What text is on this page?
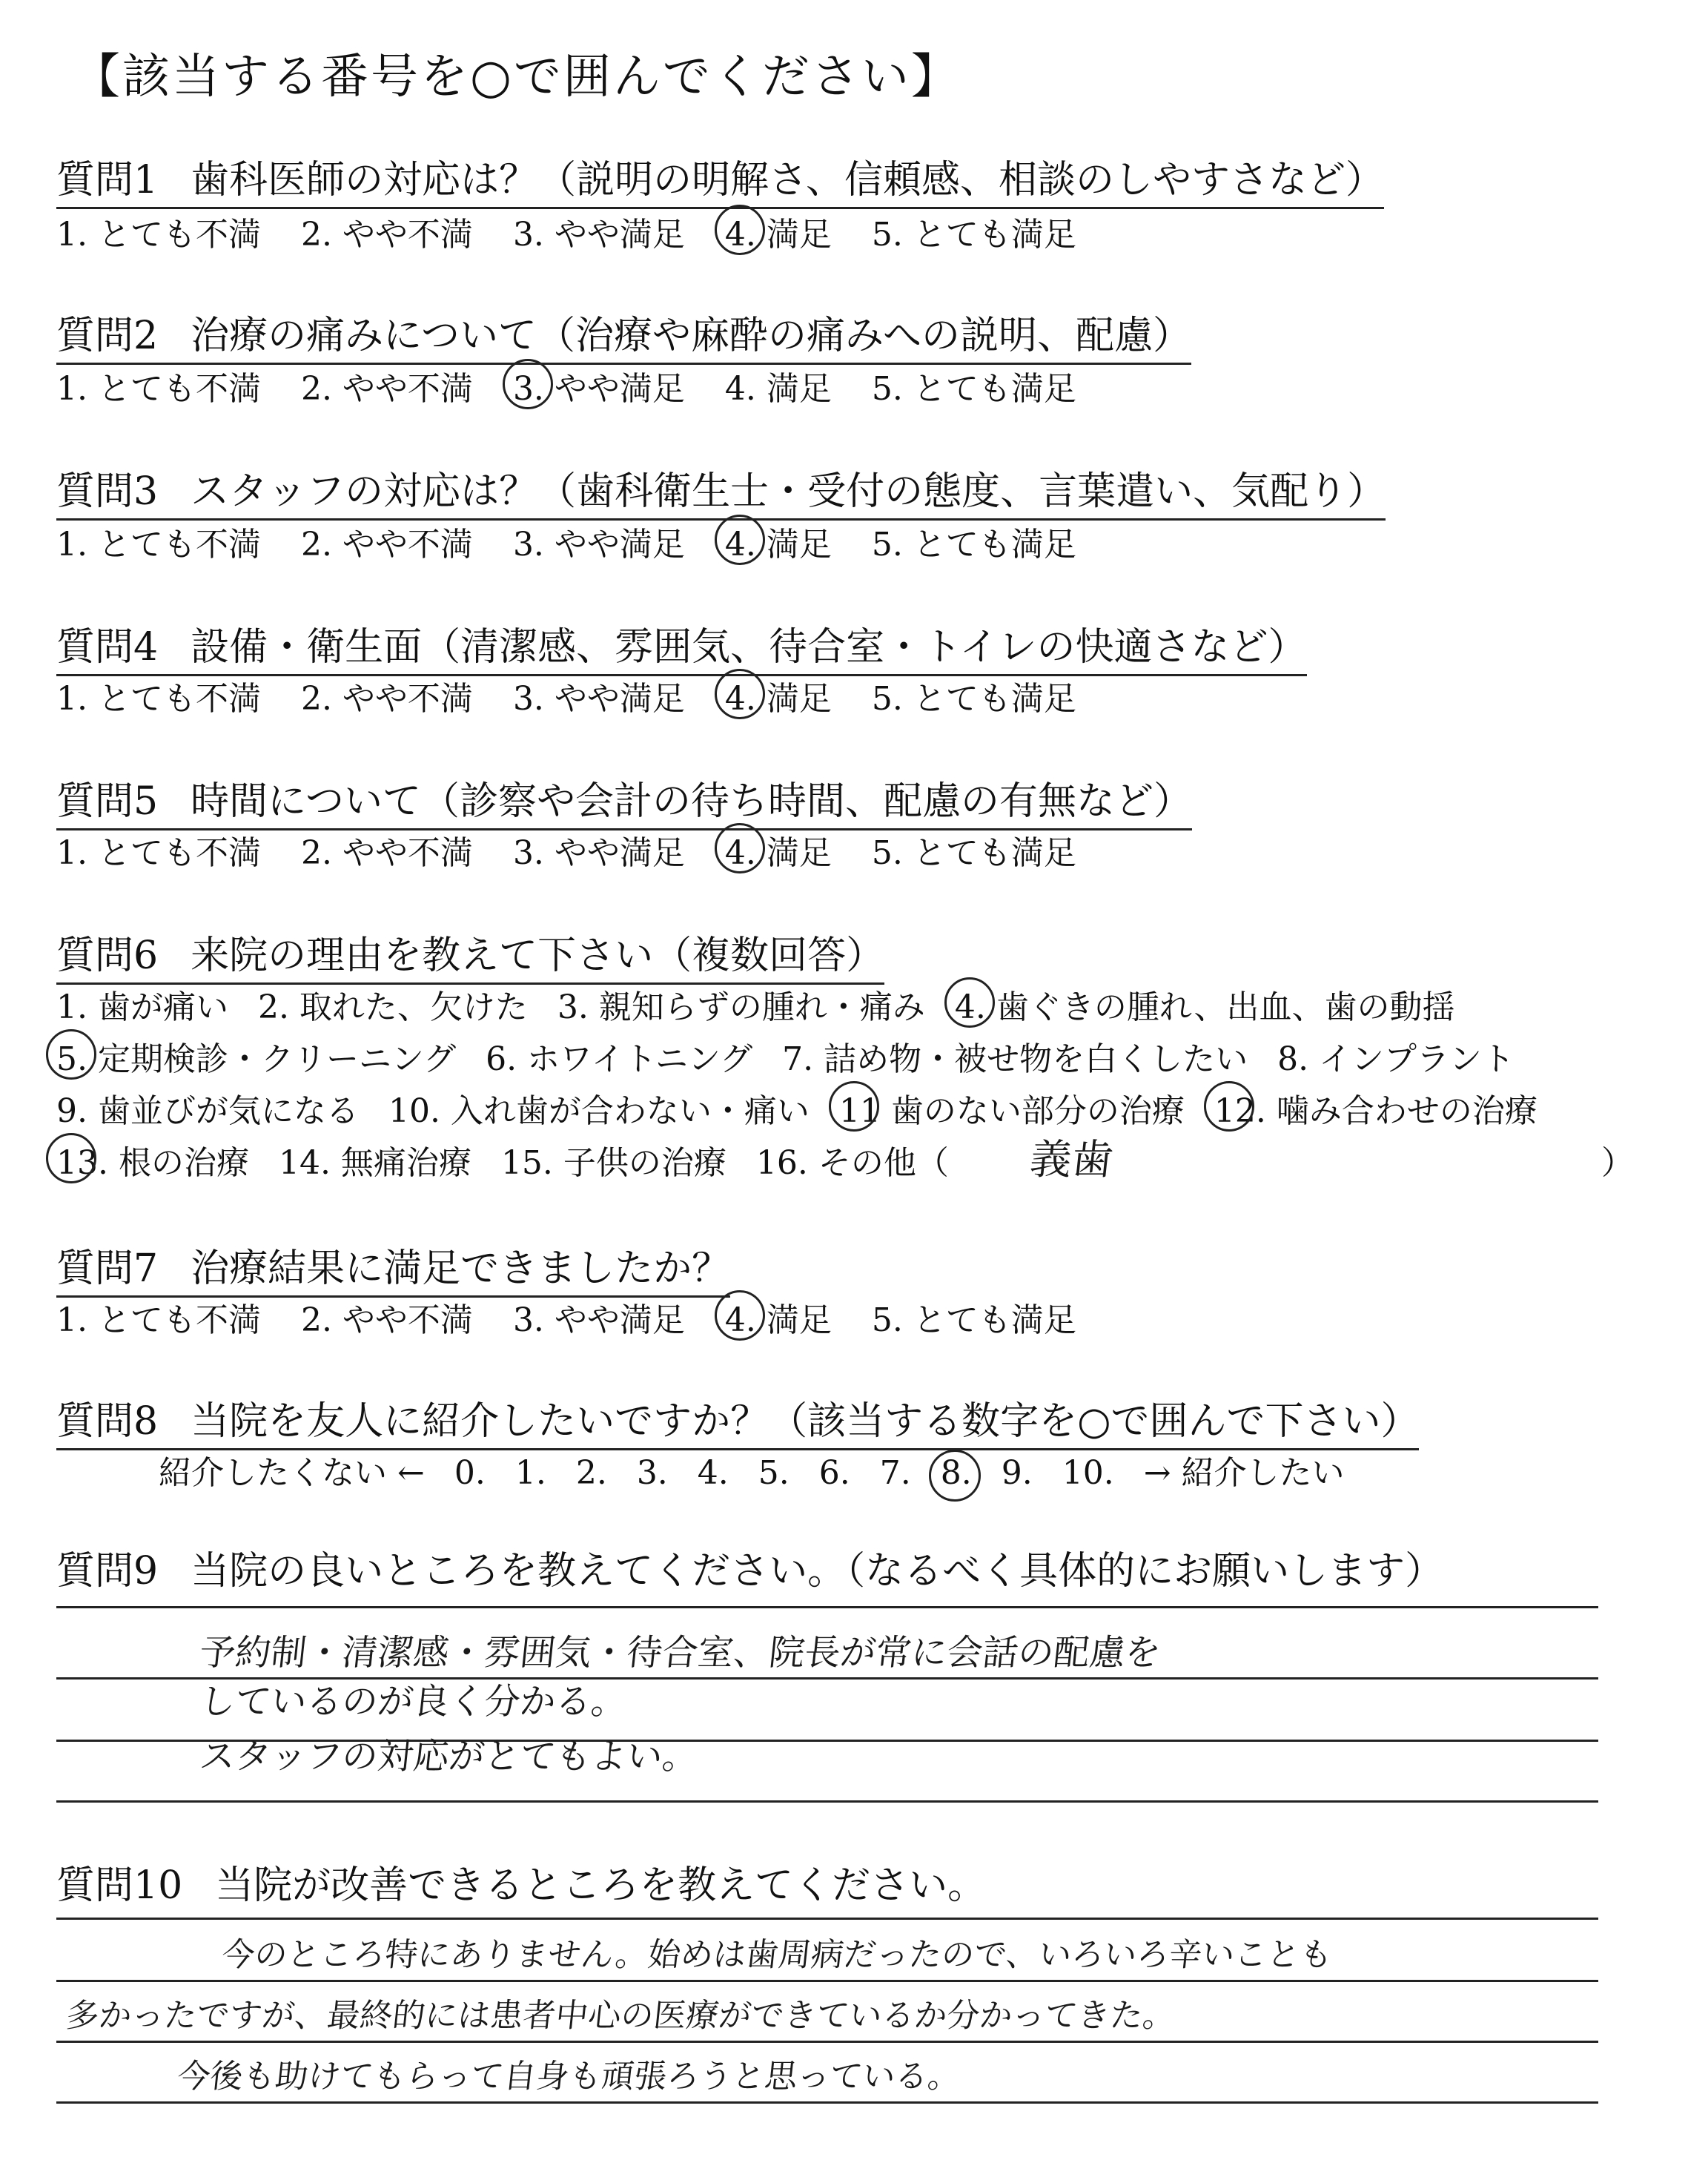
【該当する番号を○で囲んでください】
質問1 歯科医師の対応は？（説明の明解さ、信頼感、相談のしやすさなど）
1. とても不満 2. やや不満 3. やや満足 4. 満足 5. とても満足
質問2 治療の痛みについて（治療や麻酔の痛みへの説明、配慮）
1. とても不満 2. やや不満 3. やや満足 4. 満足 5. とても満足
質問3 スタッフの対応は？（歯科衛生士・受付の態度、言葉遣い、気配り）
1. とても不満 2. やや不満 3. やや満足 4. 満足 5. とても満足
質問4 設備・衛生面（清潔感、雰囲気、待合室・トイレの快適さなど）
1. とても不満 2. やや不満 3. やや満足 4. 満足 5. とても満足
質問5 時間について（診察や会計の待ち時間、配慮の有無など）
1. とても不満 2. やや不満 3. やや満足 4. 満足 5. とても満足
質問6 来院の理由を教えて下さい（複数回答）
1. 歯が痛い 2. 取れた、欠けた 3. 親知らずの腫れ・痛み 4. 歯ぐきの腫れ、出血、歯の動揺
5. 定期検診・クリーニング 6. ホワイトニング 7. 詰め物・被せ物を白くしたい 8. インプラント
9. 歯並びが気になる 10. 入れ歯が合わない・痛い 11 歯のない部分の治療 12. 噛み合わせの治療
13. 根の治療 14. 無痛治療 15. 子供の治療 16. その他（	義歯	）
質問7 治療結果に満足できましたか？
1. とても不満 2. やや不満 3. やや満足 4. 満足 5. とても満足
質問8 当院を友人に紹介したいですか？（該当する数字を○で囲んで下さい）
紹介したくない ← 0. 1. 2. 3. 4. 5. 6. 7. 8. 9. 10. → 紹介したい
質問9 当院の良いところを教えてください。（なるべく具体的にお願いします）
予約制・清潔感・雰囲気・待合室、院長が常に会話の配慮を
しているのが良く分かる。
スタッフの対応がとてもよい。
質問10 当院が改善できるところを教えてください。
今のところ特にありません。始めは歯周病だったので、いろいろ辛いことも
多かったですが、最終的には患者中心の医療ができているか分かってきた。
今後も助けてもらって自身も頑張ろうと思っている。
